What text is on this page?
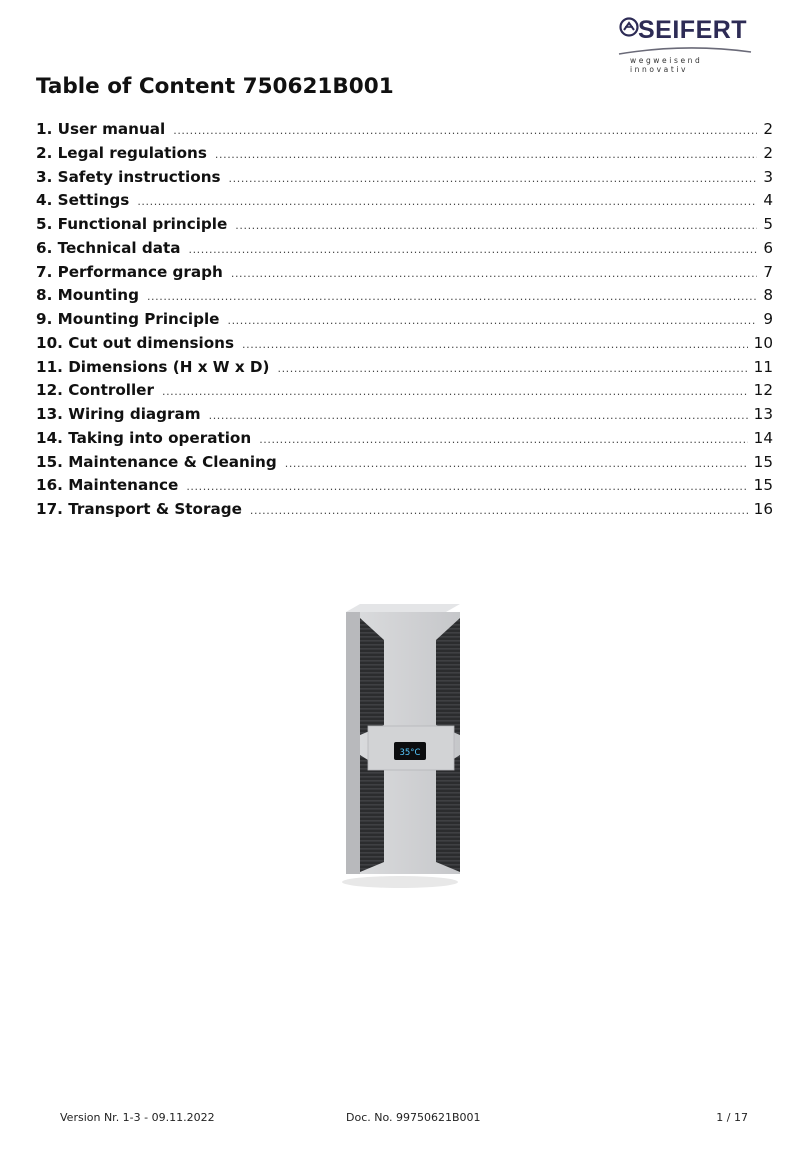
SEIFERT
wegweisend innovativ
Table of Content 750621B001
1. User manual .....	2
2. Legal regulations .....	2
3. Safety instructions .....	3
4. Settings .....	4
5. Functional principle .....	5
6. Technical data .....	6
7. Performance graph .....	7
8. Mounting .....	8
9. Mounting Principle .....	9
10. Cut out dimensions .....	10
11. Dimensions (H x W x D) .....	11
12. Controller .....	12
13. Wiring diagram .....	13
14. Taking into operation .....	14
15. Maintenance & Cleaning .....	15
16. Maintenance .....	15
17. Transport & Storage .....	16
35°C
Version Nr. 1-3 - 09.11.2022	Doc. No. 99750621B001	1 / 17
